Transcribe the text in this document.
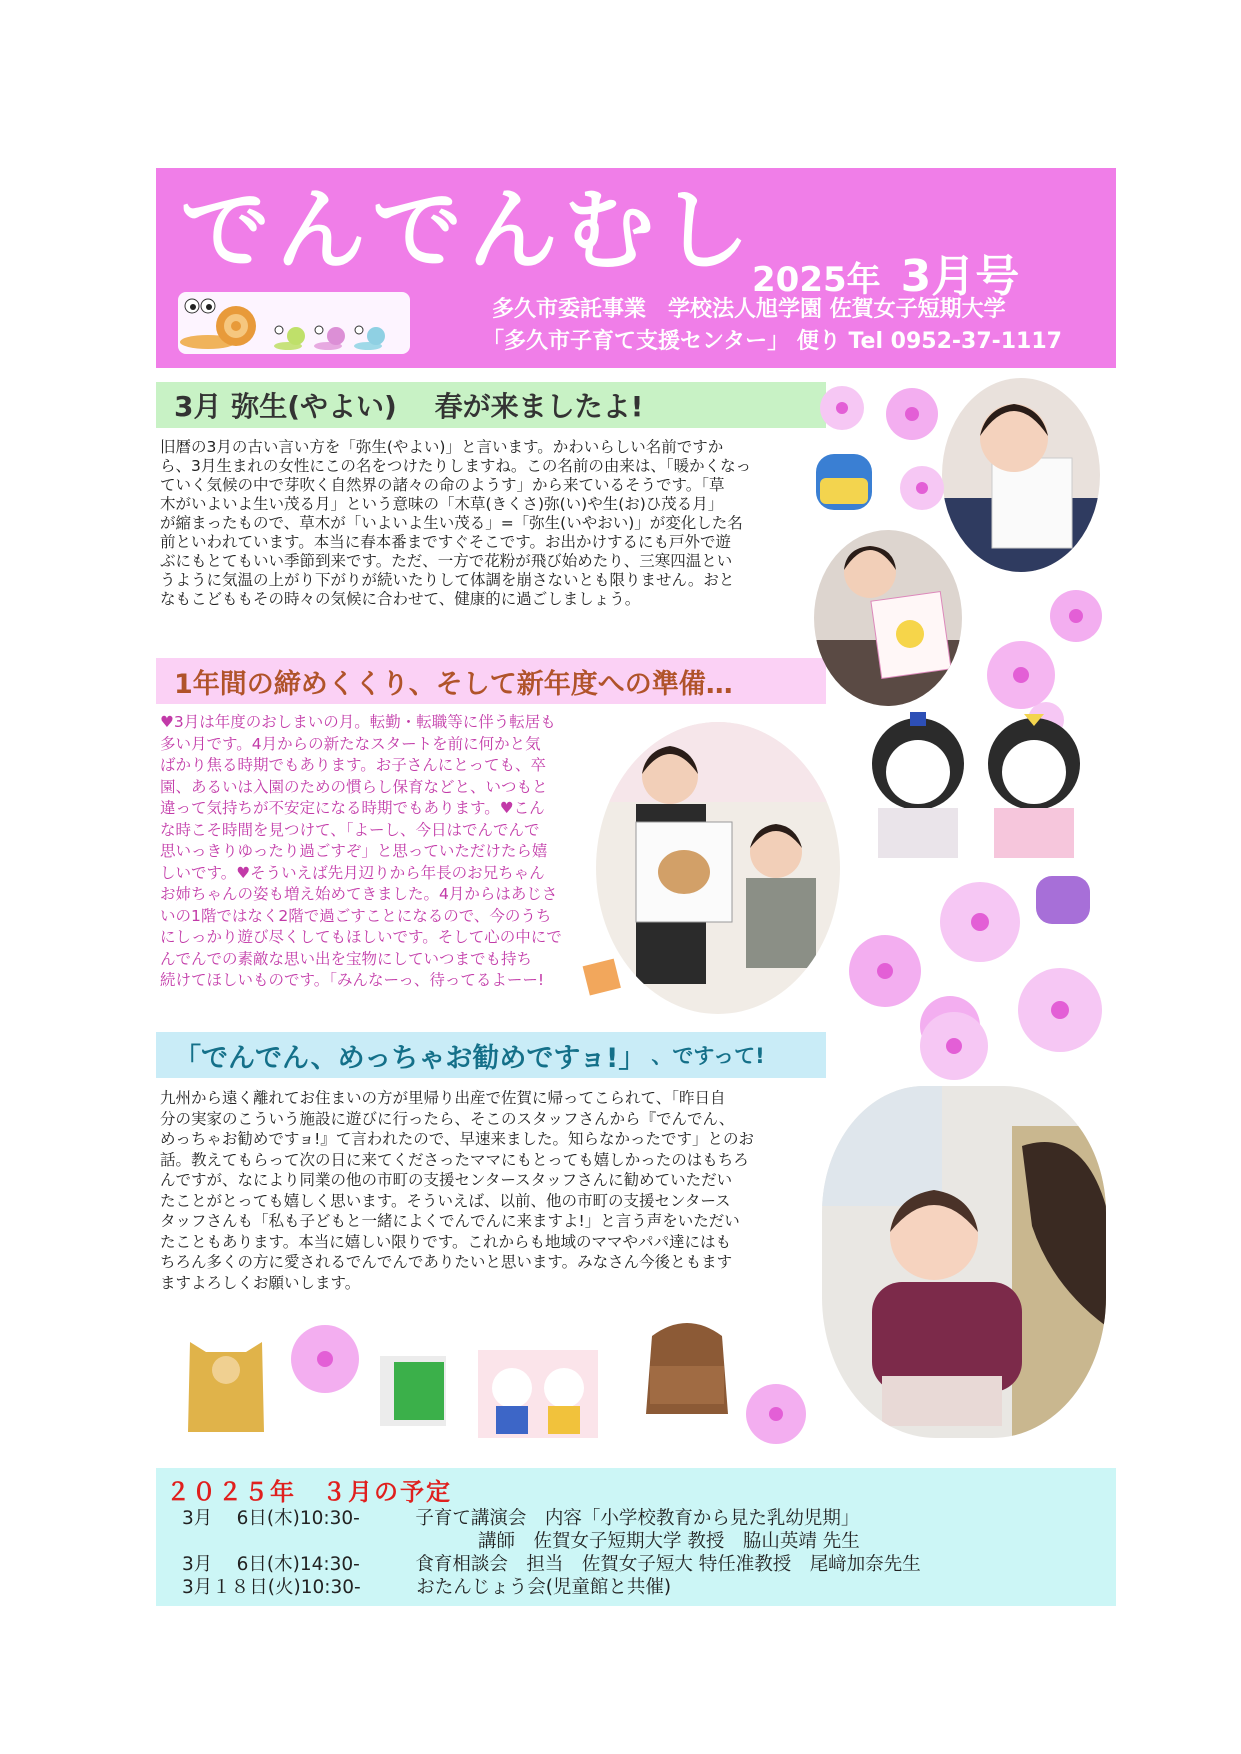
でんでんむし
2025年 3月号
多久市委託事業　学校法人旭学園 佐賀女子短期大学
「多久市子育て支援センター」 便り Tel 0952-37-1117
3月 弥生(やよい)　 春が来ましたよ!
旧暦の3月の古い言い方を「弥生(やよい)」と言います。かわいらしい名前ですか
ら、3月生まれの女性にこの名をつけたりしますね。この名前の由来は、「暖かくなっ
ていく気候の中で芽吹く自然界の諸々の命のようす」から来ているそうです。「草
木がいよいよ生い茂る月」という意味の「木草(きくさ)弥(い)や生(お)ひ茂る月」
が縮まったもので、草木が「いよいよ生い茂る」=「弥生(いやおい)」が変化した名
前といわれています。本当に春本番まですぐそこです。お出かけするにも戸外で遊
ぶにもとてもいい季節到来です。ただ、一方で花粉が飛び始めたり、三寒四温とい
うように気温の上がり下がりが続いたりして体調を崩さないとも限りません。おと
なもこどももその時々の気候に合わせて、健康的に過ごしましょう。
1年間の締めくくり、そして新年度への準備…
♥3月は年度のおしまいの月。転勤・転職等に伴う転居も
多い月です。4月からの新たなスタートを前に何かと気
ばかり焦る時期でもあります。お子さんにとっても、卒
園、あるいは入園のための慣らし保育などと、いつもと
違って気持ちが不安定になる時期でもあります。♥こん
な時こそ時間を見つけて、「よーし、今日はでんでんで
思いっきりゆったり過ごすぞ」と思っていただけたら嬉
しいです。♥そういえば先月辺りから年長のお兄ちゃん
お姉ちゃんの姿も増え始めてきました。4月からはあじさ
いの1階ではなく2階で過ごすことになるので、今のうち
にしっかり遊び尽くしてもほしいです。そして心の中にで
んでんでの素敵な思い出を宝物にしていつまでも持ち
続けてほしいものです。「みんなーっ、待ってるよーー!
「でんでん、めっちゃお勧めですョ!」 、ですって!
九州から遠く離れてお住まいの方が里帰り出産で佐賀に帰ってこられて、「昨日自
分の実家のこういう施設に遊びに行ったら、そこのスタッフさんから『でんでん、
めっちゃお勧めですョ!』て言われたので、早速来ました。知らなかったです」とのお
話。教えてもらって次の日に来てくださったママにもとっても嬉しかったのはもちろ
んですが、なにより同業の他の市町の支援センタースタッフさんに勧めていただい
たことがとっても嬉しく思います。そういえば、以前、他の市町の支援センタース
タッフさんも「私も子どもと一緒によくでんでんに来ますよ!」と言う声をいただい
たこともあります。本当に嬉しい限りです。これからも地域のママやパパ達にはも
ちろん多くの方に愛されるでんでんでありたいと思います。みなさん今後ともます
ますよろしくお願いします。
２０２５年　３月の予定
3月　 6日(木)10:30-　　　子育て講演会　内容「小学校教育から見た乳幼児期」
　　　　　　　　　　　　　　　　講師　佐賀女子短期大学 教授　脇山英靖 先生
3月　 6日(木)14:30-　　　食育相談会　担当　佐賀女子短大 特任准教授　尾﨑加奈先生
3月１８日(火)10:30-　　　おたんじょう会(児童館と共催)
